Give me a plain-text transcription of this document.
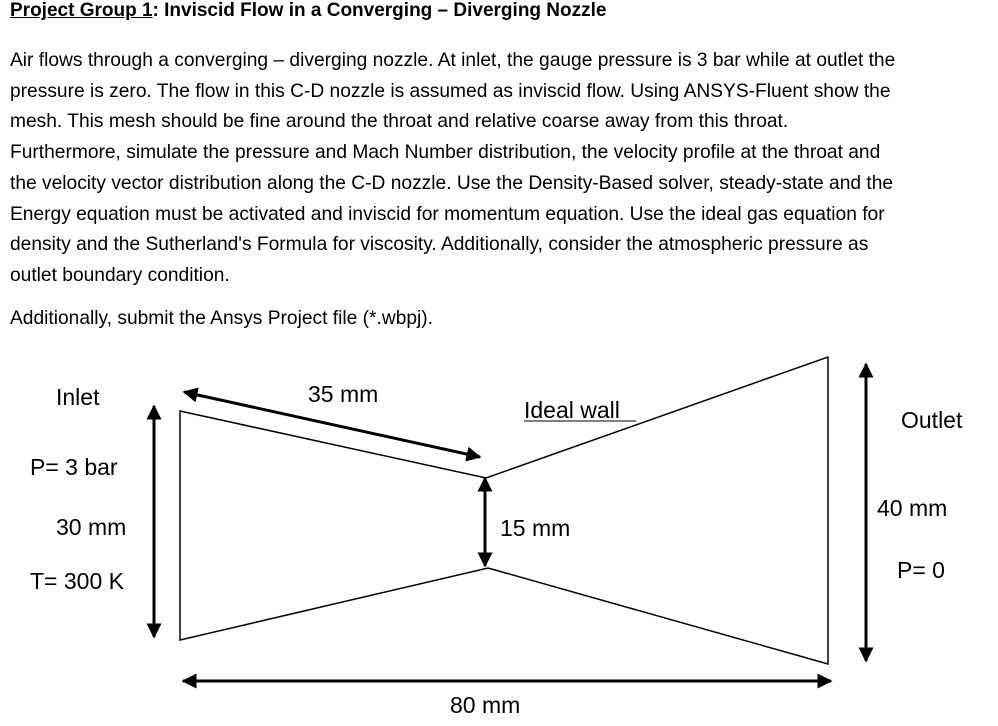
Project Group 1: Inviscid Flow in a Converging – Diverging Nozzle
Air flows through a converging – diverging nozzle. At inlet, the gauge pressure is 3 bar while at outlet the
pressure is zero. The flow in this C-D nozzle is assumed as inviscid flow. Using ANSYS-Fluent show the
mesh. This mesh should be fine around the throat and relative coarse away from this throat.
Furthermore, simulate the pressure and Mach Number distribution, the velocity profile at the throat and
the velocity vector distribution along the C-D nozzle. Use the Density-Based solver, steady-state and the
Energy equation must be activated and inviscid for momentum equation. Use the ideal gas equation for
density and the Sutherland's Formula for viscosity. Additionally, consider the atmospheric pressure as
outlet boundary condition.
Additionally, submit the Ansys Project file (*.wbpj).
Inlet
P= 3 bar
30 mm
T= 300 K
35 mm
Ideal wall
15 mm
Outlet
40 mm
P= 0
80 mm
